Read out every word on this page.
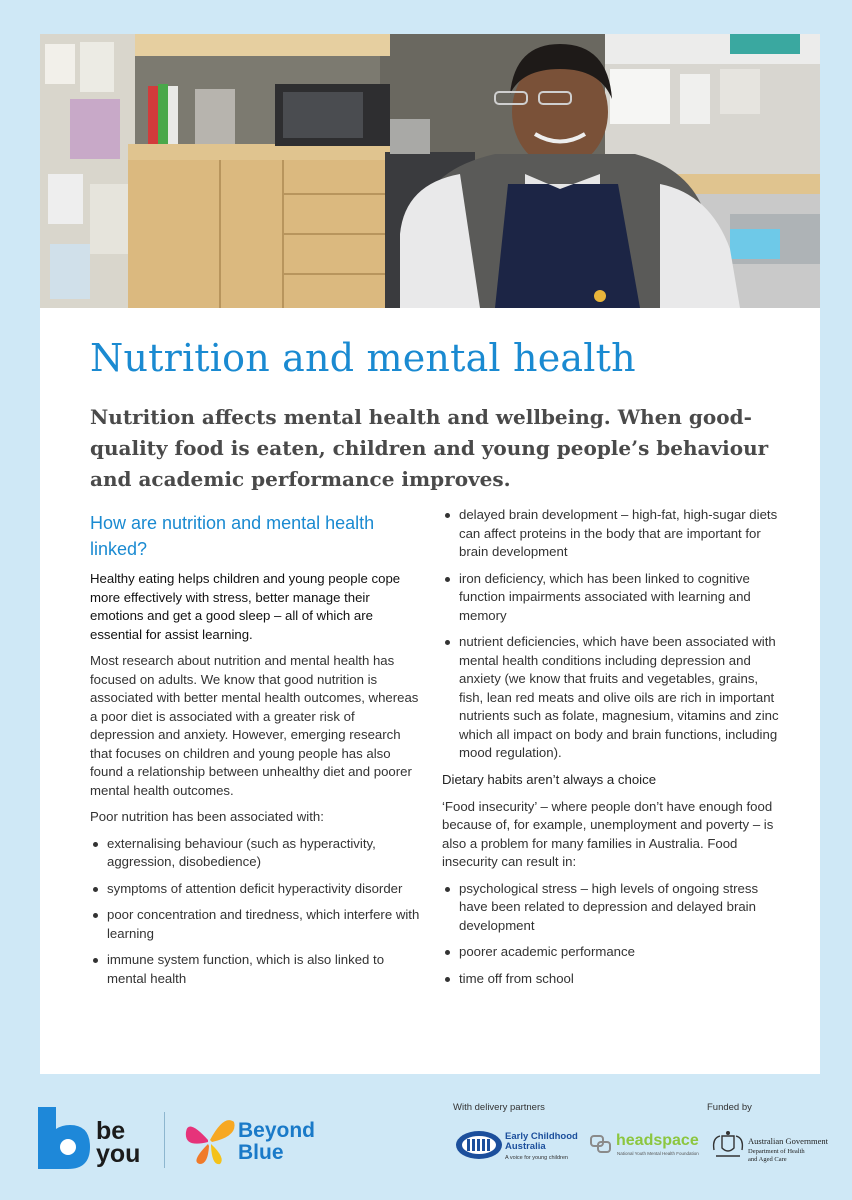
Nutrition and mental health

Nutrition affects mental health and wellbeing. When good-quality food is eaten, children and young people’s behaviour and academic performance improves.

How are nutrition and mental health linked?

Healthy eating helps children and young people cope more effectively with stress, better manage their emotions and get a good sleep – all of which are essential for assist learning.

Most research about nutrition and mental health has focused on adults. We know that good nutrition is associated with better mental health outcomes, whereas a poor diet is associated with a greater risk of depression and anxiety. However, emerging research that focuses on children and young people has also found a relationship between unhealthy diet and poorer mental health outcomes.

Poor nutrition has been associated with:

externalising behaviour (such as hyperactivity, aggression, disobedience)
symptoms of attention deficit hyperactivity disorder
poor concentration and tiredness, which interfere with learning
immune system function, which is also linked to mental health
delayed brain development – high-fat, high-sugar diets can affect proteins in the body that are important for brain development
iron deficiency, which has been linked to cognitive function impairments associated with learning and memory
nutrient deficiencies, which have been associated with mental health conditions including depression and anxiety (we know that fruits and vegetables, grains, fish, lean red meats and olive oils are rich in important nutrients such as folate, magnesium, vitamins and zinc which all impact on body and brain functions, including mood regulation).
Dietary habits aren’t always a choice

‘Food insecurity’ – where people don’t have enough food because of, for example, unemployment and poverty – is also a problem for many families in Australia. Food insecurity can result in:

psychological stress – high levels of ongoing stress have been related to depression and delayed brain development
poorer academic performance
time off from school
be
you
Beyond
Blue
With delivery partners	Funded by
Early Childhood
Australia
A voice for young children
headspace
National Youth Mental Health Foundation
Australian Government
Department of Health
and Aged Care
